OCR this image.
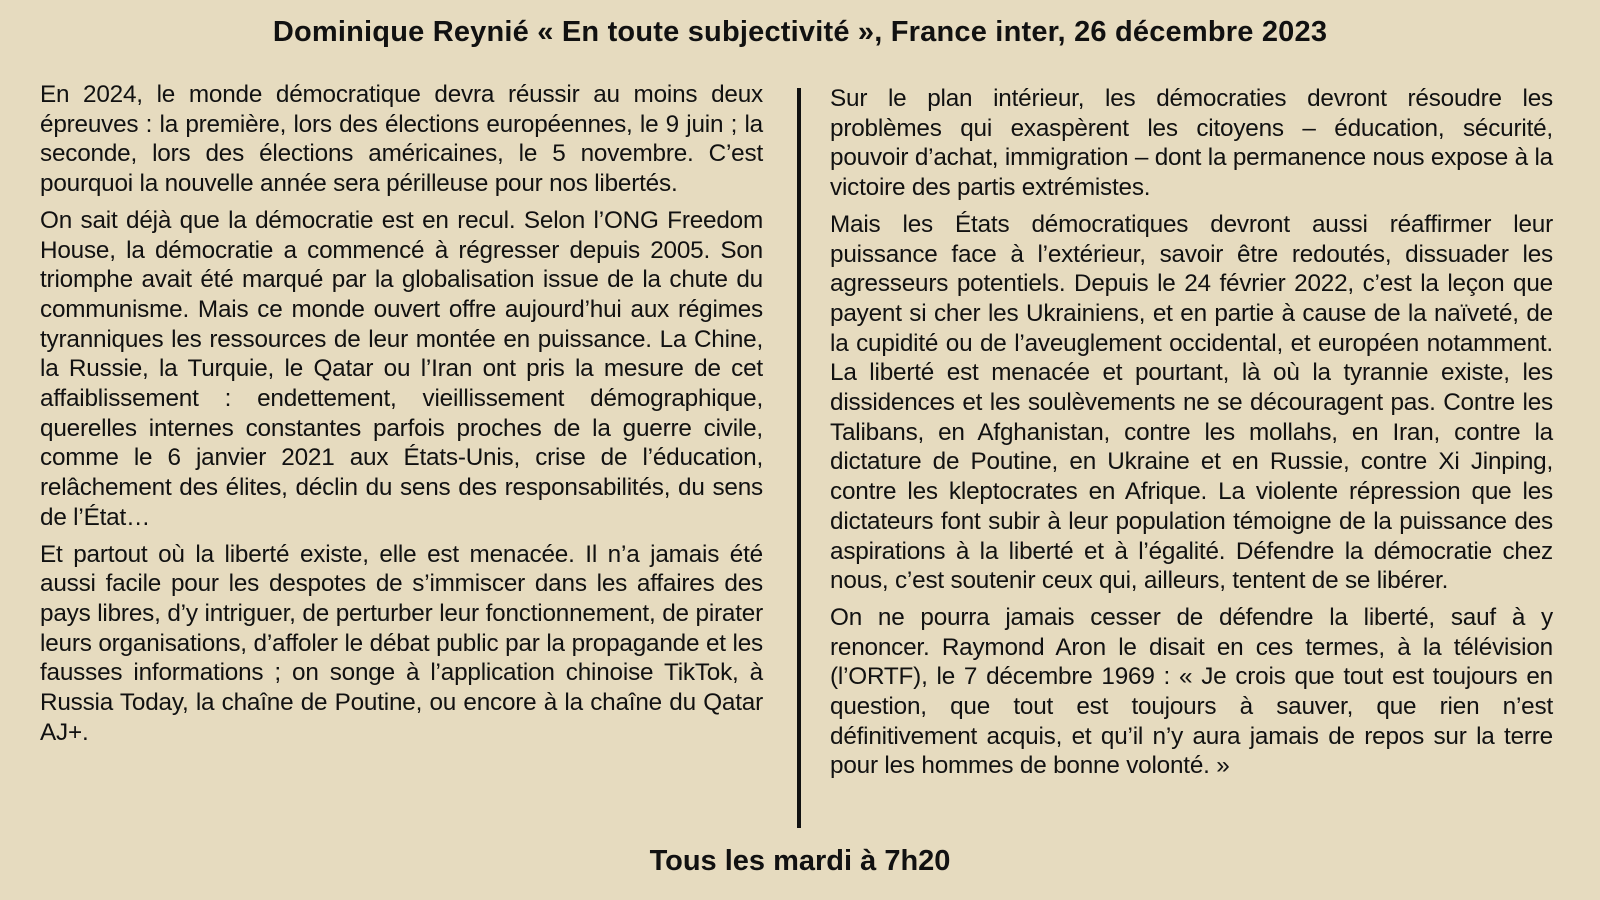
Dominique Reynié « En toute subjectivité », France inter, 26 décembre 2023

En 2024, le monde démocratique devra réussir au moins deux épreuves : la première, lors des élections européennes, le 9 juin ; la seconde, lors des élections américaines, le 5 novembre. C’est pourquoi la nouvelle année sera périlleuse pour nos libertés.

On sait déjà que la démocratie est en recul. Selon l’ONG Freedom House, la démocratie a commencé à régresser depuis 2005. Son triomphe avait été marqué par la globalisation issue de la chute du communisme. Mais ce monde ouvert offre aujourd’hui aux régimes tyranniques les ressources de leur montée en puissance. La Chine, la Russie, la Turquie, le Qatar ou l’Iran ont pris la mesure de cet affaiblissement : endettement, vieillissement démographique, querelles internes constantes parfois proches de la guerre civile, comme le 6 janvier 2021 aux États-Unis, crise de l’éducation, relâchement des élites, déclin du sens des responsabilités, du sens de l’État…

Et partout où la liberté existe, elle est menacée. Il n’a jamais été aussi facile pour les despotes de s’immiscer dans les affaires des pays libres, d’y intriguer, de perturber leur fonctionnement, de pirater leurs organisations, d’affoler le débat public par la propagande et les fausses informations ; on songe à l’application chinoise TikTok, à Russia Today, la chaîne de Poutine, ou encore à la chaîne du Qatar AJ+.

Sur le plan intérieur, les démocraties devront résoudre les problèmes qui exaspèrent les citoyens – éducation, sécurité, pouvoir d’achat, immigration – dont la permanence nous expose à la victoire des partis extrémistes.

Mais les États démocratiques devront aussi réaffirmer leur puissance face à l’extérieur, savoir être redoutés, dissuader les agresseurs potentiels. Depuis le 24 février 2022, c’est la leçon que payent si cher les Ukrainiens, et en partie à cause de la naïveté, de la cupidité ou de l’aveuglement occidental, et européen notamment. La liberté est menacée et pourtant, là où la tyrannie existe, les dissidences et les soulèvements ne se découragent pas. Contre les Talibans, en Afghanistan, contre les mollahs, en Iran, contre la dictature de Poutine, en Ukraine et en Russie, contre Xi Jinping, contre les kleptocrates en Afrique. La violente répression que les dictateurs font subir à leur population témoigne de la puissance des aspirations à la liberté et à l’égalité. Défendre la démocratie chez nous, c’est soutenir ceux qui, ailleurs, tentent de se libérer.

On ne pourra jamais cesser de défendre la liberté, sauf à y renoncer. Raymond Aron le disait en ces termes, à la télévision (l’ORTF), le 7 décembre 1969 : « Je crois que tout est toujours en question, que tout est toujours à sauver, que rien n’est définitivement acquis, et qu’il n’y aura jamais de repos sur la terre pour les hommes de bonne volonté. »

Tous les mardi à 7h20
